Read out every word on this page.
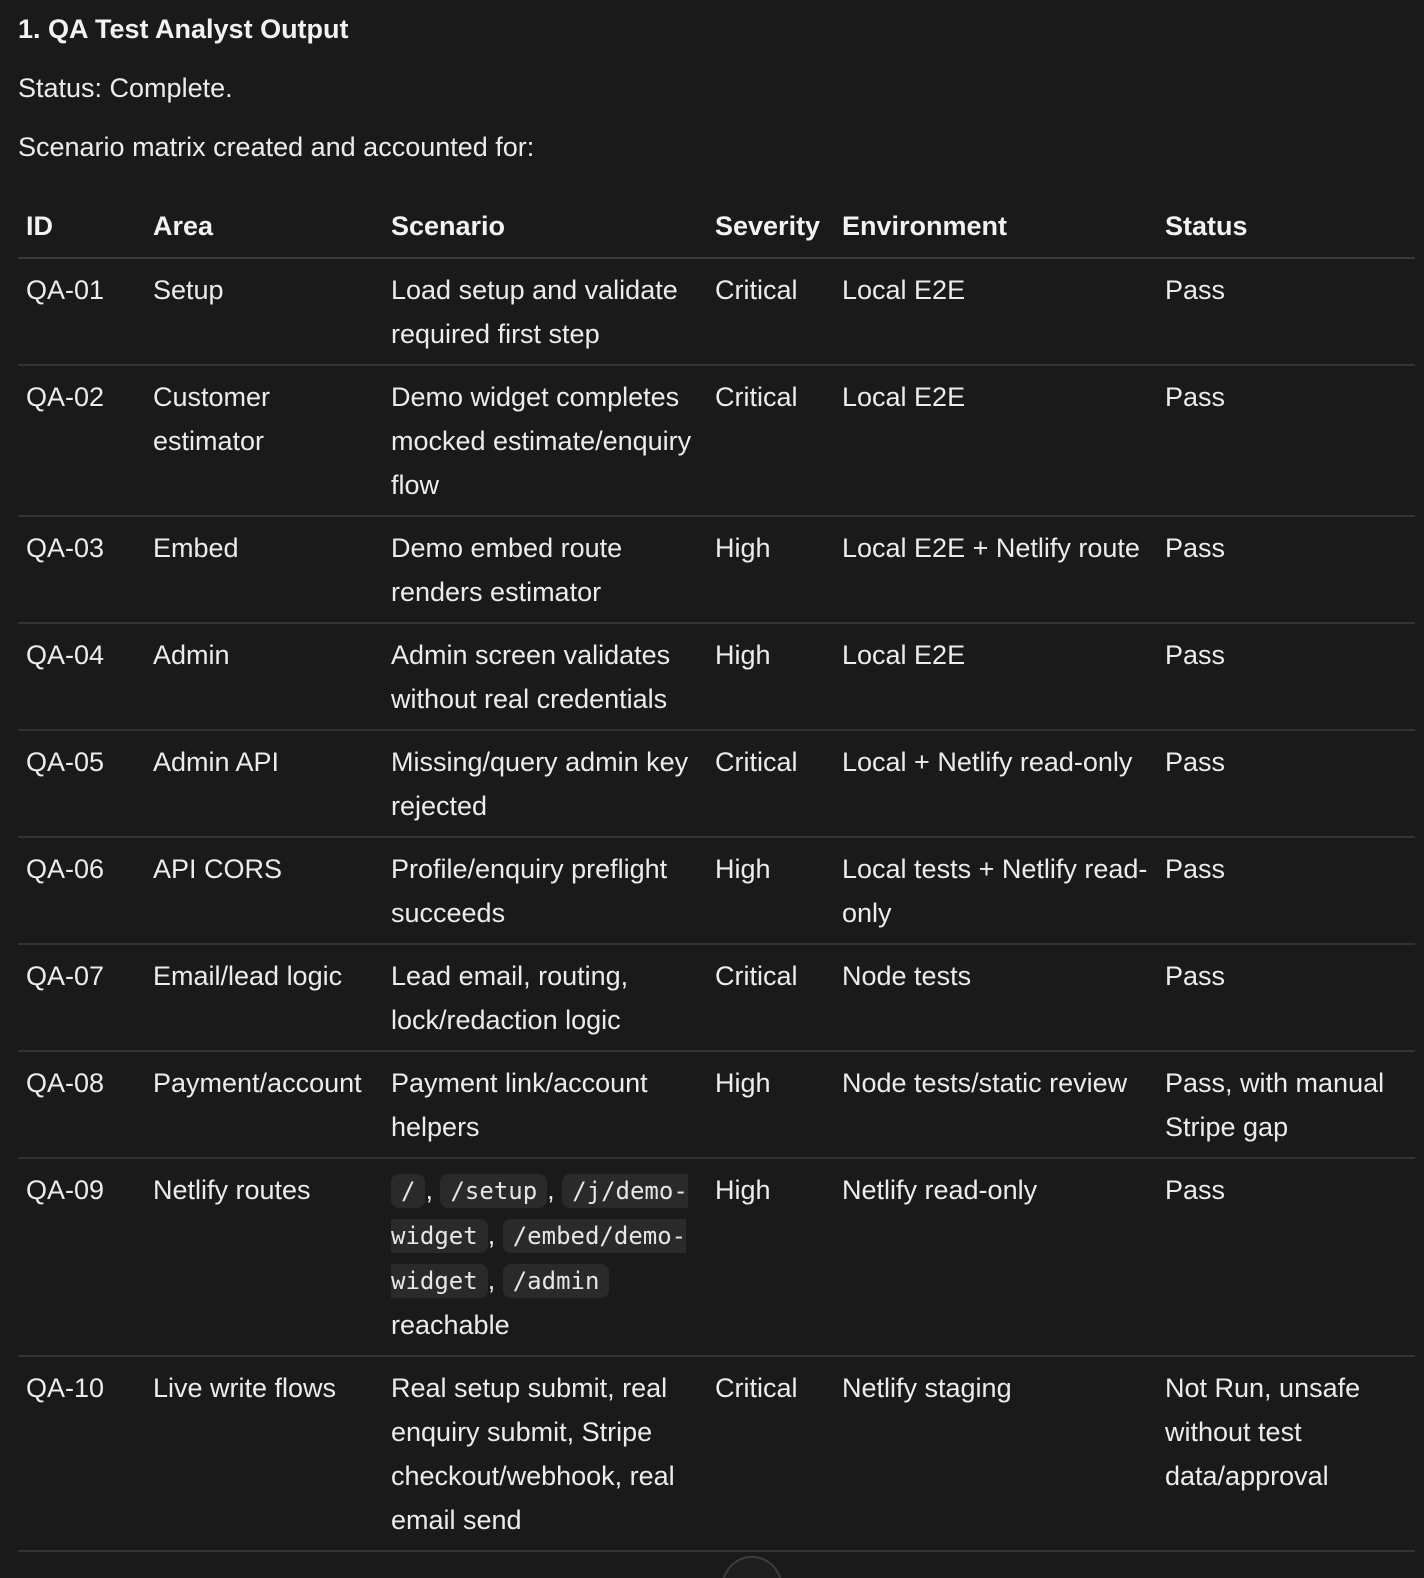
1. QA Test Analyst Output

Status: Complete.

Scenario matrix created and accounted for:

ID	Area	Scenario	Severity	Environment	Status
QA-01	Setup	Load setup and validate required first step	Critical	Local E2E	Pass
QA-02	Customer estimator	Demo widget completes mocked estimate/enquiry flow	Critical	Local E2E	Pass
QA-03	Embed	Demo embed route renders estimator	High	Local E2E + Netlify route	Pass
QA-04	Admin	Admin screen validates without real credentials	High	Local E2E	Pass
QA-05	Admin API	Missing/query admin key rejected	Critical	Local + Netlify read-only	Pass
QA-06	API CORS	Profile/enquiry preflight succeeds	High	Local tests + Netlify read-only	Pass
QA-07	Email/lead logic	Lead email, routing, lock/redaction logic	Critical	Node tests	Pass
QA-08	Payment/account	Payment link/account helpers	High	Node tests/static review	Pass, with manual Stripe gap
QA-09	Netlify routes	/ , /setup , /j/demo-widget , /embed/demo-widget , /admin reachable	High	Netlify read-only	Pass
QA-10	Live write flows	Real setup submit, real enquiry submit, Stripe checkout/webhook, real email send	Critical	Netlify staging	Not Run, unsafe without test data/approval
